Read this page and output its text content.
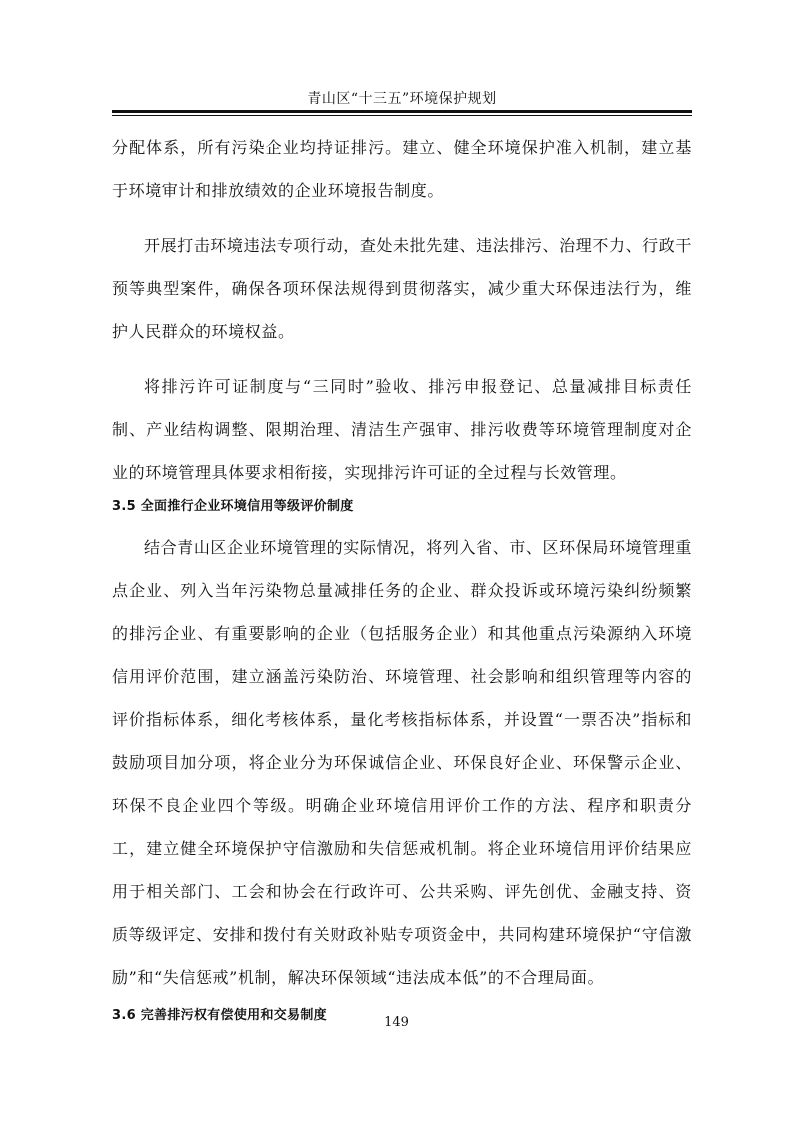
青山区“十三五”环境保护规划

分配体系，所有污染企业均持证排污。建立、健全环境保护准入机制，建立基于环境审计和排放绩效的企业环境报告制度。

开展打击环境违法专项行动，查处未批先建、违法排污、治理不力、行政干预等典型案件，确保各项环保法规得到贯彻落实，减少重大环保违法行为，维护人民群众的环境权益。

将排污许可证制度与“三同时”验收、排污申报登记、总量减排目标责任制、产业结构调整、限期治理、清洁生产强审、排污收费等环境管理制度对企业的环境管理具体要求相衔接，实现排污许可证的全过程与长效管理。

3.5 全面推行企业环境信用等级评价制度

结合青山区企业环境管理的实际情况，将列入省、市、区环保局环境管理重点企业、列入当年污染物总量减排任务的企业、群众投诉或环境污染纠纷频繁的排污企业、有重要影响的企业（包括服务企业）和其他重点污染源纳入环境信用评价范围，建立涵盖污染防治、环境管理、社会影响和组织管理等内容的评价指标体系，细化考核体系，量化考核指标体系，并设置“一票否决”指标和鼓励项目加分项，将企业分为环保诚信企业、环保良好企业、环保警示企业、环保不良企业四个等级。明确企业环境信用评价工作的方法、程序和职责分工，建立健全环境保护守信激励和失信惩戒机制。将企业环境信用评价结果应用于相关部门、工会和协会在行政许可、公共采购、评先创优、金融支持、资质等级评定、安排和拨付有关财政补贴专项资金中，共同构建环境保护“守信激励”和“失信惩戒”机制，解决环保领域“违法成本低”的不合理局面。

3.6 完善排污权有偿使用和交易制度	149
